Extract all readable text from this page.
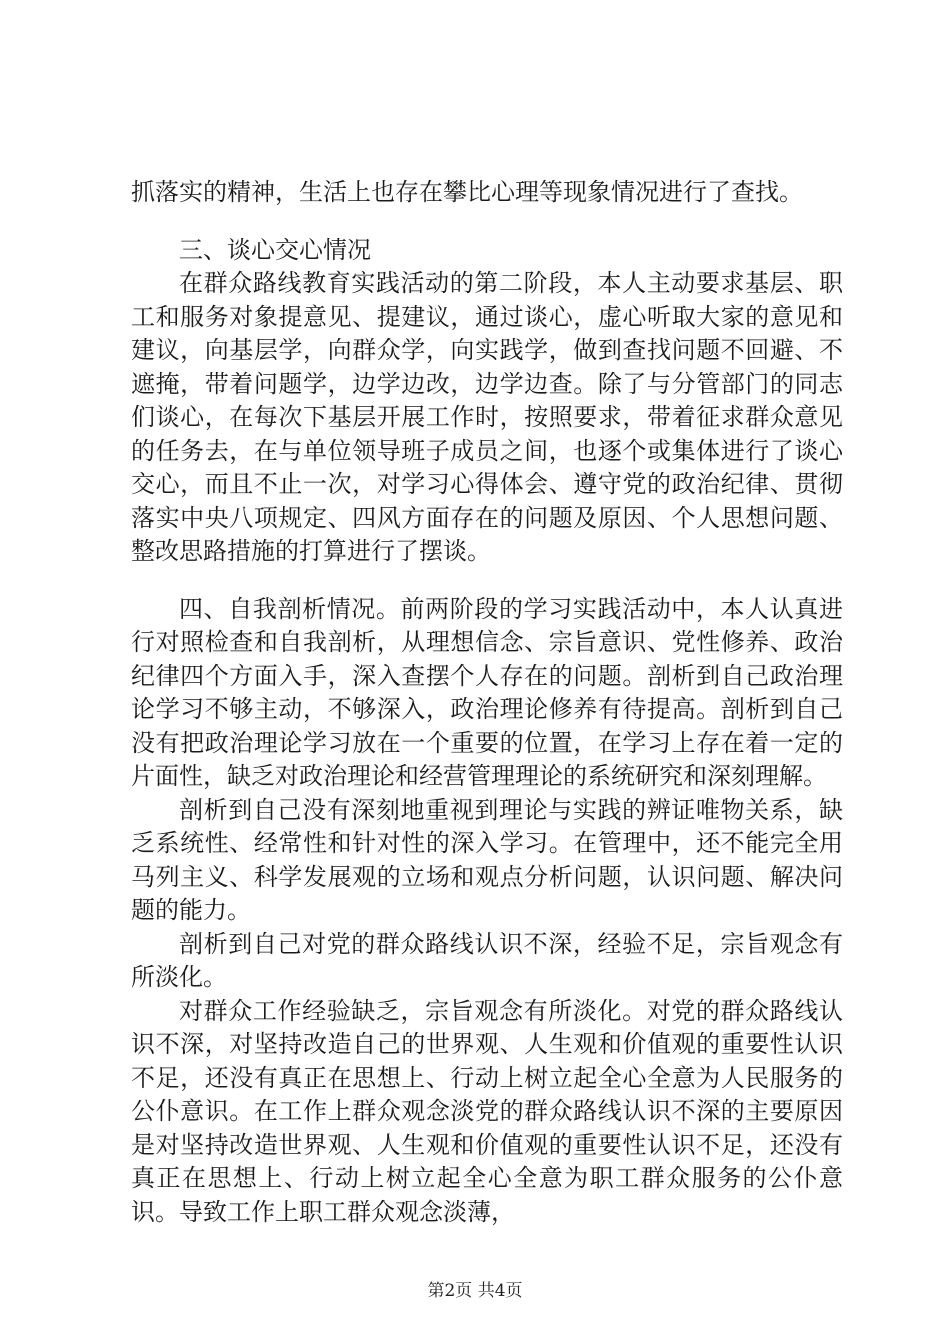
抓落实的精神，生活上也存在攀比心理等现象情况进行了查找。

三、谈心交心情况

在群众路线教育实践活动的第二阶段，本人主动要求基层、职工和服务对象提意见、提建议，通过谈心，虚心听取大家的意见和建议，向基层学，向群众学，向实践学，做到查找问题不回避、不遮掩，带着问题学，边学边改，边学边查。除了与分管部门的同志们谈心，在每次下基层开展工作时，按照要求，带着征求群众意见的任务去，在与单位领导班子成员之间，也逐个或集体进行了谈心交心，而且不止一次，对学习心得体会、遵守党的政治纪律、贯彻落实中央八项规定、四风方面存在的问题及原因、个人思想问题、整改思路措施的打算进行了摆谈。

四、自我剖析情况。前两阶段的学习实践活动中，本人认真进行对照检查和自我剖析，从理想信念、宗旨意识、党性修养、政治纪律四个方面入手，深入查摆个人存在的问题。剖析到自己政治理论学习不够主动，不够深入，政治理论修养有待提高。剖析到自己没有把政治理论学习放在一个重要的位置，在学习上存在着一定的片面性，缺乏对政治理论和经营管理理论的系统研究和深刻理解。

剖析到自己没有深刻地重视到理论与实践的辨证唯物关系，缺乏系统性、经常性和针对性的深入学习。在管理中，还不能完全用马列主义、科学发展观的立场和观点分析问题，认识问题、解决问题的能力。

剖析到自己对党的群众路线认识不深，经验不足，宗旨观念有所淡化。

对群众工作经验缺乏，宗旨观念有所淡化。对党的群众路线认识不深，对坚持改造自己的世界观、人生观和价值观的重要性认识不足，还没有真正在思想上、行动上树立起全心全意为人民服务的公仆意识。在工作上群众观念淡党的群众路线认识不深的主要原因是对坚持改造世界观、人生观和价值观的重要性认识不足，还没有真正在思想上、行动上树立起全心全意为职工群众服务的公仆意识。导致工作上职工群众观念淡薄，

第2页 共4页
